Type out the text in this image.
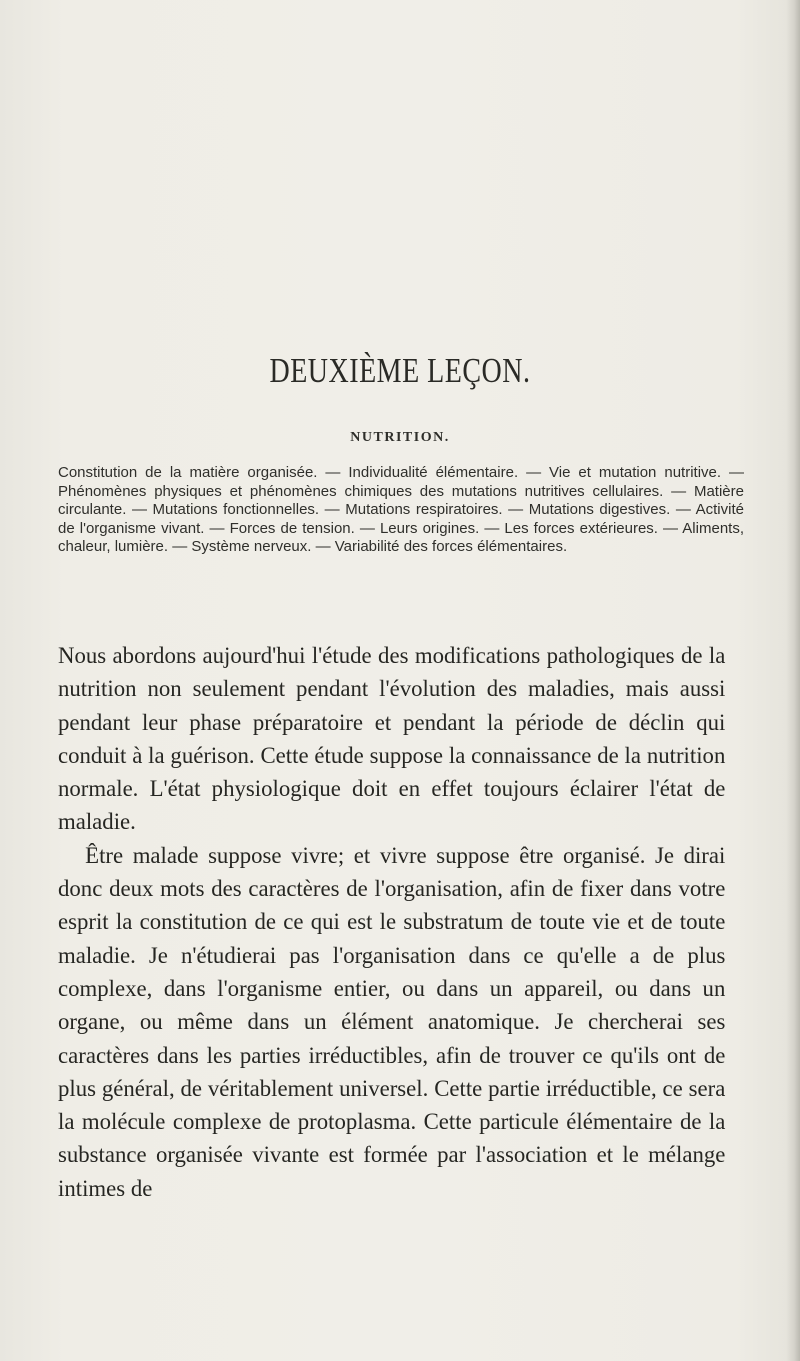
DEUXIÈME LEÇON.
NUTRITION.
Constitution de la matière organisée. — Individualité élémentaire. — Vie et mutation nutritive. — Phénomènes physiques et phénomènes chimiques des mutations nutritives cellulaires. — Matière circulante. — Mutations fonctionnelles. — Mutations respiratoires. — Mutations digestives. — Activité de l'organisme vivant. — Forces de tension. — Leurs origines. — Les forces extérieures. — Aliments, chaleur, lumière. — Système nerveux. — Variabilité des forces élémentaires.

Nous abordons aujourd'hui l'étude des modifications pathologiques de la nutrition non seulement pendant l'évolution des maladies, mais aussi pendant leur phase préparatoire et pendant la période de déclin qui conduit à la guérison. Cette étude suppose la connaissance de la nutrition normale. L'état physiologique doit en effet toujours éclairer l'état de maladie.

Être malade suppose vivre; et vivre suppose être organisé. Je dirai donc deux mots des caractères de l'organisation, afin de fixer dans votre esprit la constitution de ce qui est le substratum de toute vie et de toute maladie. Je n'étudierai pas l'organisation dans ce qu'elle a de plus complexe, dans l'organisme entier, ou dans un appareil, ou dans un organe, ou même dans un élément anatomique. Je chercherai ses caractères dans les parties irréductibles, afin de trouver ce qu'ils ont de plus général, de véritablement universel. Cette partie irréductible, ce sera la molécule complexe de protoplasma. Cette particule élémentaire de la substance organisée vivante est formée par l'association et le mélange intimes de
